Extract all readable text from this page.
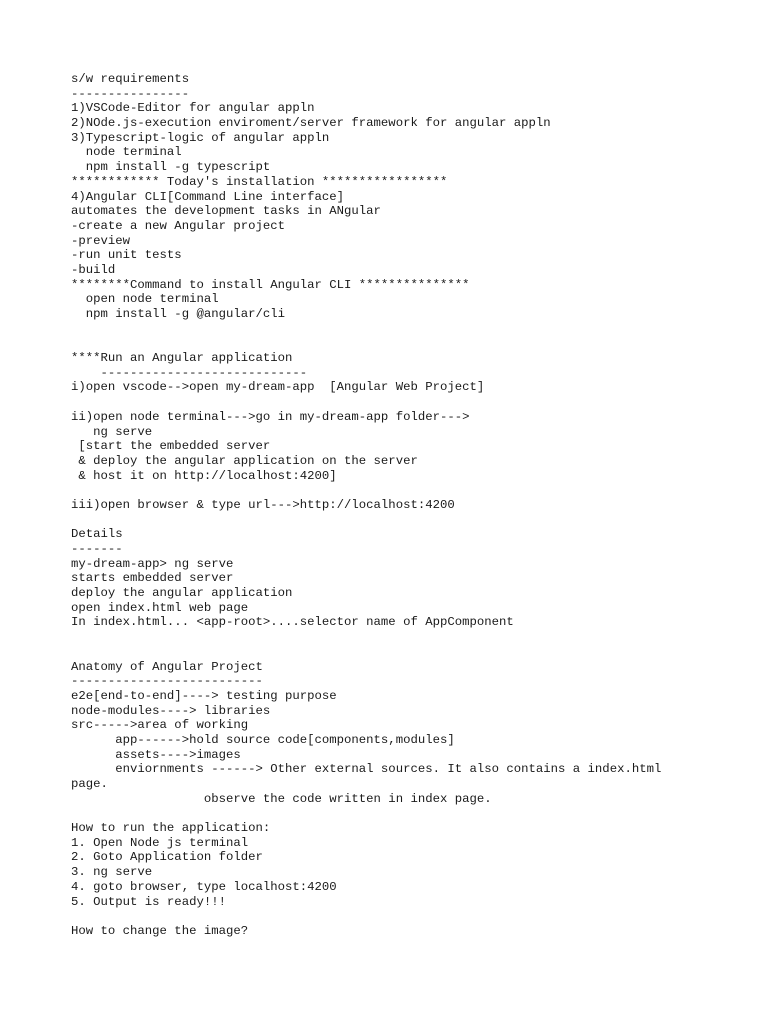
s/w requirements
----------------
1)VSCode-Editor for angular appln
2)NOde.js-execution enviroment/server framework for angular appln
3)Typescript-logic of angular appln
node terminal
npm install -g typescript
************ Today's installation *****************
4)Angular CLI[Command Line interface]
automates the development tasks in ANgular
-create a new Angular project
-preview
-run unit tests
-build
********Command to install Angular CLI ***************
open node terminal
npm install -g @angular/cli
****Run an Angular application
----------------------------
i)open vscode-->open my-dream-app  [Angular Web Project]
ii)open node terminal--->go in my-dream-app folder--->
ng serve
[start the embedded server
& deploy the angular application on the server
& host it on http://localhost:4200]
iii)open browser & type url--->http://localhost:4200
Details
-------
my-dream-app> ng serve
starts embedded server
deploy the angular application
open index.html web page
In index.html... <app-root>....selector name of AppComponent
Anatomy of Angular Project
--------------------------
e2e[end-to-end]----> testing purpose
node-modules----> libraries
src----->area of working
app------>hold source code[components,modules]
assets---->images
enviornments ------> Other external sources. It also contains a index.html
page.
observe the code written in index page.
How to run the application:
1. Open Node js terminal
2. Goto Application folder
3. ng serve
4. goto browser, type localhost:4200
5. Output is ready!!!
How to change the image?
